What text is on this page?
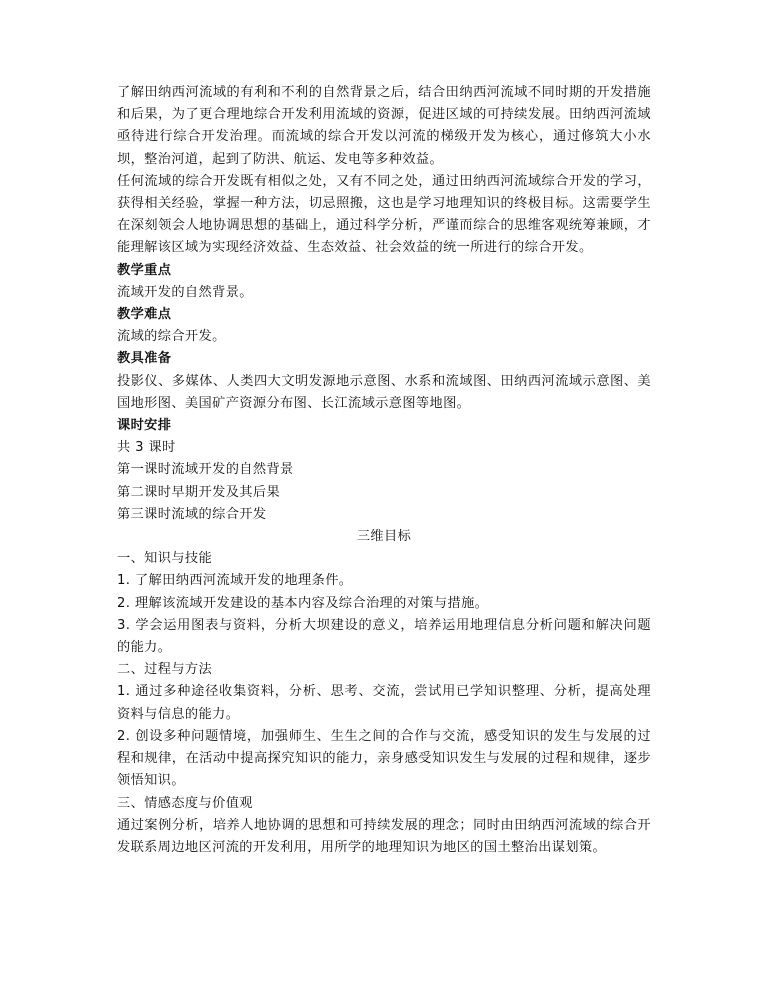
了解田纳西河流域的有利和不利的自然背景之后，结合田纳西河流域不同时期的开发措施和后果，为了更合理地综合开发利用流域的资源，促进区域的可持续发展。田纳西河流域亟待进行综合开发治理。而流域的综合开发以河流的梯级开发为核心，通过修筑大小水坝，整治河道，起到了防洪、航运、发电等多种效益。

任何流域的综合开发既有相似之处，又有不同之处，通过田纳西河流域综合开发的学习，获得相关经验，掌握一种方法，切忌照搬，这也是学习地理知识的终极目标。这需要学生在深刻领会人地协调思想的基础上，通过科学分析，严谨而综合的思维客观统筹兼顾，才能理解该区域为实现经济效益、生态效益、社会效益的统一所进行的综合开发。

教学重点

流域开发的自然背景。

教学难点

流域的综合开发。

教具准备

投影仪、多媒体、人类四大文明发源地示意图、水系和流域图、田纳西河流域示意图、美国地形图、美国矿产资源分布图、长江流域示意图等地图。

课时安排

共 3 课时

第一课时流域开发的自然背景

第二课时早期开发及其后果

第三课时流域的综合开发

三维目标

一、知识与技能

1. 了解田纳西河流域开发的地理条件。

2. 理解该流域开发建设的基本内容及综合治理的对策与措施。

3. 学会运用图表与资料，分析大坝建设的意义，培养运用地理信息分析问题和解决问题的能力。

二、过程与方法

1. 通过多种途径收集资料，分析、思考、交流，尝试用已学知识整理、分析，提高处理资料与信息的能力。

2. 创设多种问题情境，加强师生、生生之间的合作与交流，感受知识的发生与发展的过程和规律，在活动中提高探究知识的能力，亲身感受知识发生与发展的过程和规律，逐步领悟知识。

三、情感态度与价值观

通过案例分析，培养人地协调的思想和可持续发展的理念；同时由田纳西河流域的综合开发联系周边地区河流的开发利用，用所学的地理知识为地区的国土整治出谋划策。
